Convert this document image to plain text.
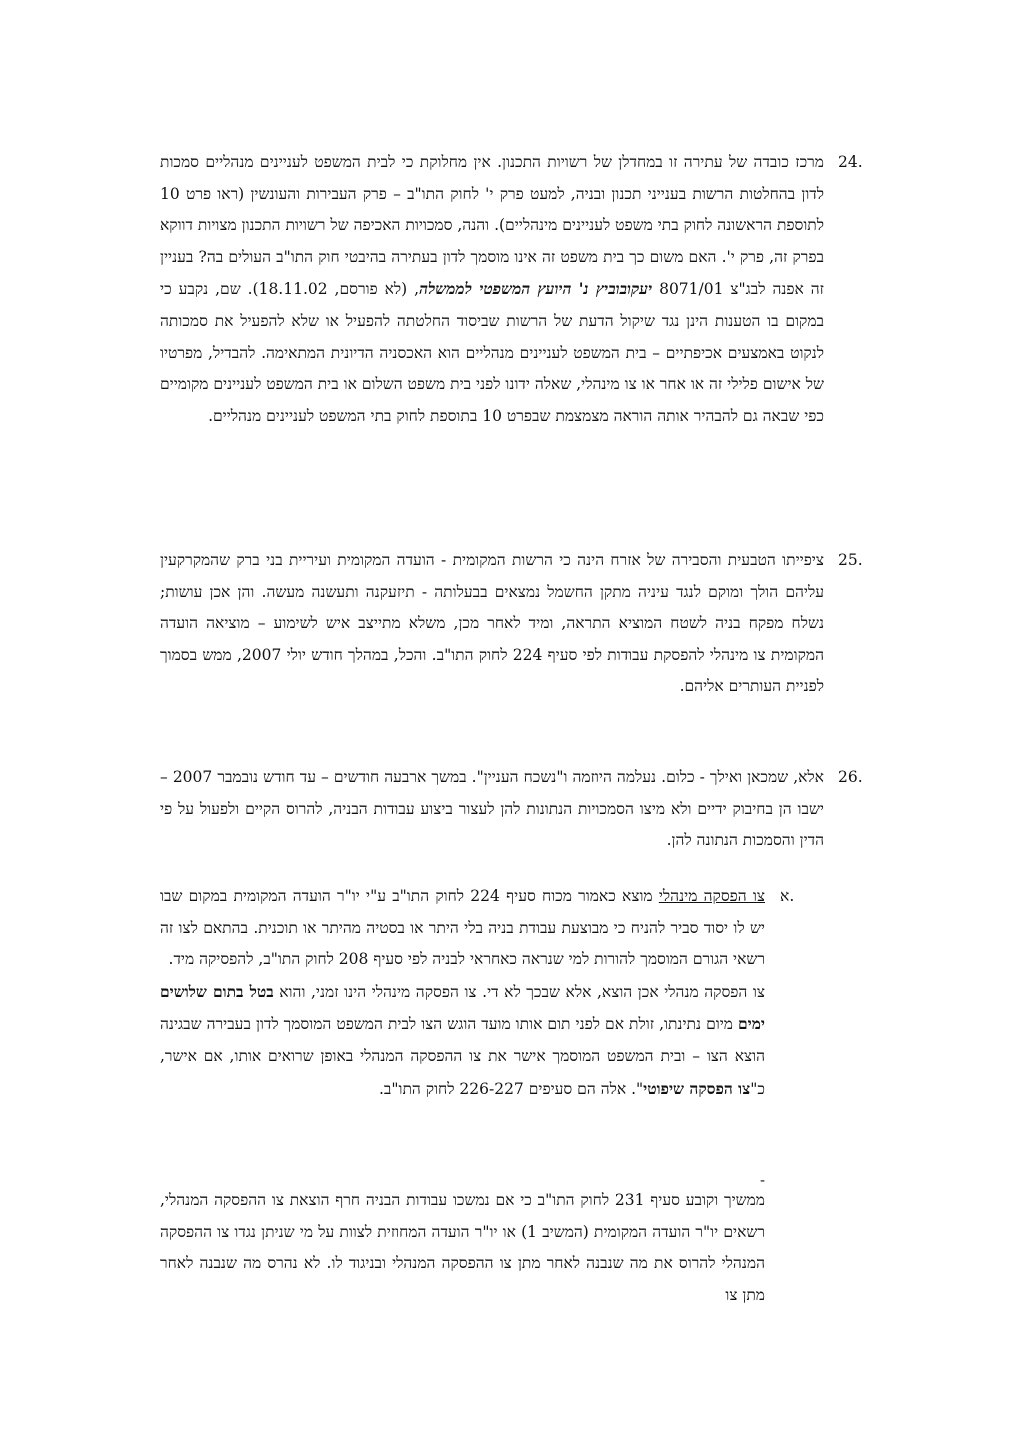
24.

מרכז כובדה של עתירה זו במחדלן של רשויות התכנון. אין מחלוקת כי לבית המשפט לעניינים מנהליים סמכות לדון בהחלטות הרשות בענייני תכנון ובניה, למעט פרק י' לחוק התו"ב – פרק העבירות והעונשין (ראו פרט 10 לתוספת הראשונה לחוק בתי משפט לעניינים מינהליים). והנה, סמכויות האכיפה של רשויות התכנון מצויות דווקא בפרק זה, פרק י'. האם משום כך בית משפט זה אינו מוסמך לדון בעתירה בהיבטי חוק התו"ב העולים בה? בעניין זה אפנה לבג"צ 8071/01 יעקובוביץ נ' היועץ המשפטי לממשלה, (לא פורסם, 18.11.02). שם, נקבע כי במקום בו הטענות הינן נגד שיקול הדעת של הרשות שביסוד החלטתה להפעיל או שלא להפעיל את סמכותה לנקוט באמצעים אכיפתיים – בית המשפט לעניינים מנהליים הוא האכסניה הדיונית המתאימה. להבדיל, מפרטיו של אישום פלילי זה או אחר או צו מינהלי, שאלה ידונו לפני בית משפט השלום או בית המשפט לעניינים מקומיים כפי שבאה גם להבהיר אותה הוראה מצמצמת שבפרט 10 בתוספת לחוק בתי המשפט לעניינים מנהליים.

25.

ציפייתו הטבעית והסבירה של אזרח הינה כי הרשות המקומית - הועדה המקומית ועיריית בני ברק שהמקרקעין עליהם הולך ומוקם לנגד עיניה מתקן החשמל נמצאים בבעלותה - תיזעקנה ותעשנה מעשה. והן אכן עושות; נשלח מפקח בניה לשטח המוציא התראה, ומיד לאחר מכן, משלא מתייצב איש לשימוע – מוציאה הועדה המקומית צו מינהלי להפסקת עבודות לפי סעיף 224 לחוק התו"ב. והכל, במהלך חודש יולי 2007, ממש בסמוך לפניית העותרים אליהם.

26.

אלא, שמכאן ואילך - כלום. נעלמה היוזמה ו"נשכח העניין". במשך ארבעה חודשים – עד חודש נובמבר 2007 – ישבו הן בחיבוק ידיים ולא מיצו הסמכויות הנתונות להן לעצור ביצוע עבודות הבניה, להרוס הקיים ולפעול על פי הדין והסמכות הנתונה להן.

א.

צו הפסקה מינהלי מוצא כאמור מכוח סעיף 224 לחוק התו"ב ע"י יו"ר הועדה המקומית במקום שבו יש לו יסוד סביר להניח כי מבוצעת עבודת בניה בלי היתר או בסטיה מהיתר או תוכנית. בהתאם לצו זה רשאי הגורם המוסמך להורות למי שנראה כאחראי לבניה לפי סעיף 208 לחוק התו"ב, להפסיקה מיד.

צו הפסקה מנהלי אכן הוצא, אלא שבכך לא די. צו הפסקה מינהלי הינו זמני, והוא בטל בתום שלושים ימים מיום נתינתו, זולת אם לפני תום אותו מועד הוגש הצו לבית המשפט המוסמך לדון בעבירה שבגינה הוצא הצו – ובית המשפט המוסמך אישר את צו ההפסקה המנהלי באופן שרואים אותו, אם אישר, כ"צו הפסקה שיפוטי". אלה הם סעיפים 226-227 לחוק התו"ב.

-

ממשיך וקובע סעיף 231 לחוק התו"ב כי אם נמשכו עבודות הבניה חרף הוצאת צו ההפסקה המנהלי, רשאים יו"ר הועדה המקומית (המשיב 1) או יו"ר הועדה המחוזית לצוות על מי שניתן נגדו צו ההפסקה המנהלי להרוס את מה שנבנה לאחר מתן צו ההפסקה המנהלי ובניגוד לו. לא נהרס מה שנבנה לאחר מתן צו
